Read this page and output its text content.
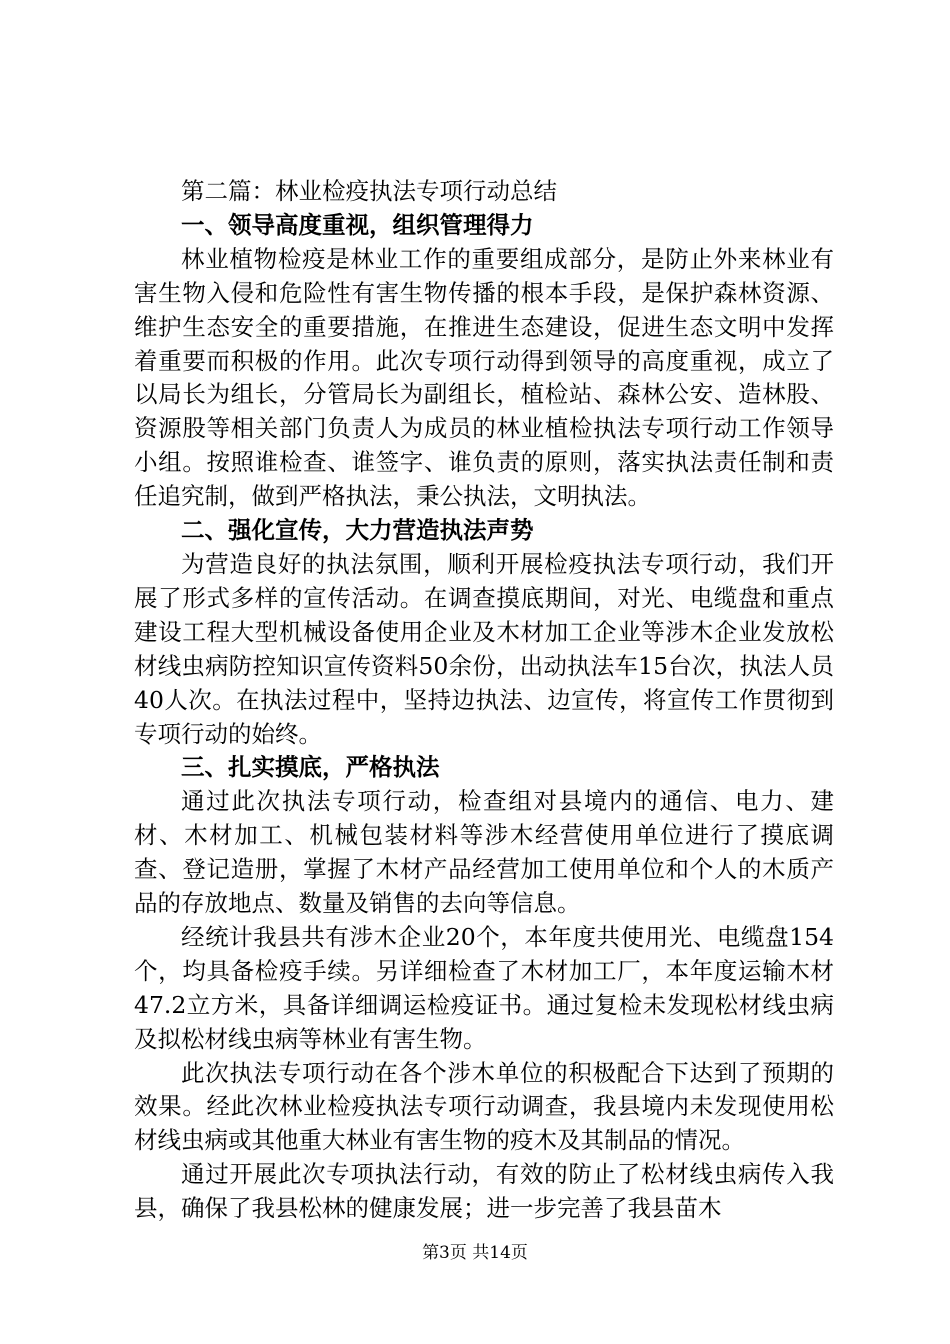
第二篇：林业检疫执法专项行动总结

一、领导高度重视，组织管理得力

林业植物检疫是林业工作的重要组成部分，是防止外来林业有害生物入侵和危险性有害生物传播的根本手段，是保护森林资源、维护生态安全的重要措施，在推进生态建设，促进生态文明中发挥着重要而积极的作用。此次专项行动得到领导的高度重视，成立了以局长为组长，分管局长为副组长，植检站、森林公安、造林股、资源股等相关部门负责人为成员的林业植检执法专项行动工作领导小组。按照谁检查、谁签字、谁负责的原则，落实执法责任制和责任追究制，做到严格执法，秉公执法，文明执法。

二、强化宣传，大力营造执法声势

为营造良好的执法氛围，顺利开展检疫执法专项行动，我们开展了形式多样的宣传活动。在调查摸底期间，对光、电缆盘和重点建设工程大型机械设备使用企业及木材加工企业等涉木企业发放松材线虫病防控知识宣传资料50余份，出动执法车15台次，执法人员40人次。在执法过程中，坚持边执法、边宣传，将宣传工作贯彻到专项行动的始终。

三、扎实摸底，严格执法

通过此次执法专项行动，检查组对县境内的通信、电力、建材、木材加工、机械包装材料等涉木经营使用单位进行了摸底调查、登记造册，掌握了木材产品经营加工使用单位和个人的木质产品的存放地点、数量及销售的去向等信息。

经统计我县共有涉木企业20个，本年度共使用光、电缆盘154个，均具备检疫手续。另详细检查了木材加工厂，本年度运输木材47.2立方米，具备详细调运检疫证书。通过复检未发现松材线虫病及拟松材线虫病等林业有害生物。

此次执法专项行动在各个涉木单位的积极配合下达到了预期的效果。经此次林业检疫执法专项行动调查，我县境内未发现使用松材线虫病或其他重大林业有害生物的疫木及其制品的情况。

通过开展此次专项执法行动，有效的防止了松材线虫病传入我县，确保了我县松林的健康发展；进一步完善了我县苗木

第3页 共14页
